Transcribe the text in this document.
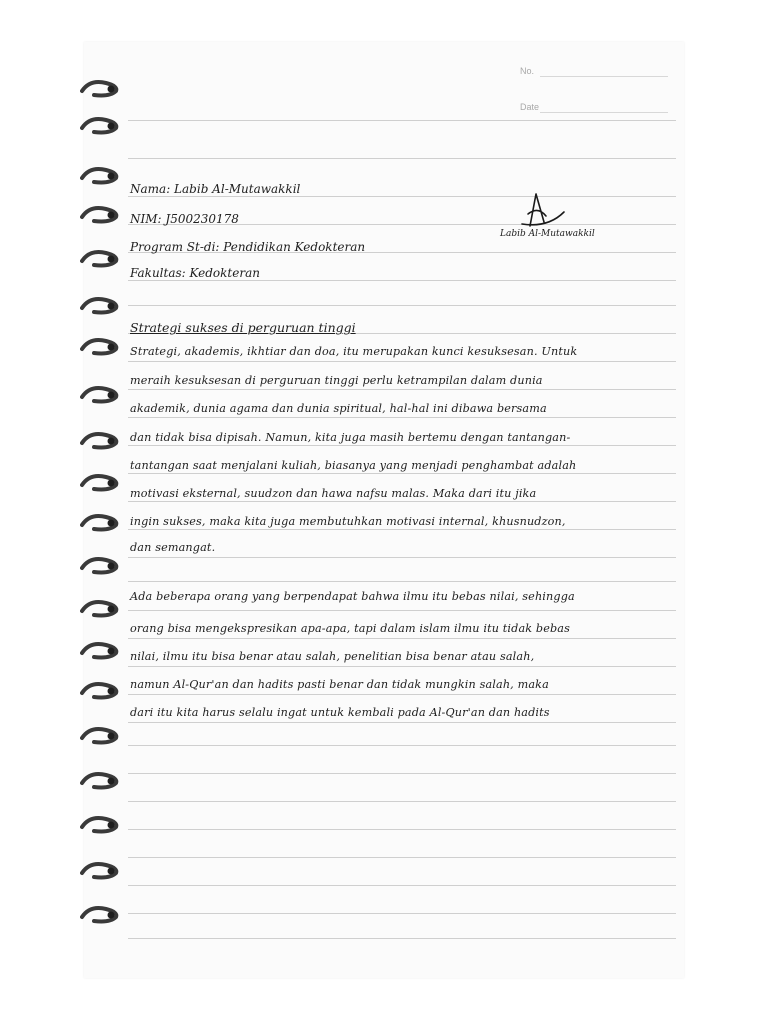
No.
Date
Nama: Labib Al-Mutawakkil
NIM: J500230178
Program St-di: Pendidikan Kedokteran
Fakultas: Kedokteran
Labib Al-Mutawakkil
Strategi sukses di perguruan tinggi
Strategi, akademis, ikhtiar dan doa, itu merupakan kunci kesuksesan. Untuk
meraih kesuksesan di perguruan tinggi perlu ketrampilan dalam dunia
akademik, dunia agama dan dunia spiritual, hal-hal ini dibawa bersama
dan tidak bisa dipisah. Namun, kita juga masih bertemu dengan tantangan-
tantangan saat menjalani kuliah, biasanya yang menjadi penghambat adalah
motivasi eksternal, suudzon dan hawa nafsu malas. Maka dari itu jika
ingin sukses, maka kita juga membutuhkan motivasi internal, khusnudzon,
dan semangat.
Ada beberapa orang yang berpendapat bahwa ilmu itu bebas nilai, sehingga
orang bisa mengekspresikan apa-apa, tapi dalam islam ilmu itu tidak bebas
nilai, ilmu itu bisa benar atau salah, penelitian bisa benar atau salah,
namun Al-Qur'an dan hadits pasti benar dan tidak mungkin salah, maka
dari itu kita harus selalu ingat untuk kembali pada Al-Qur'an dan hadits
